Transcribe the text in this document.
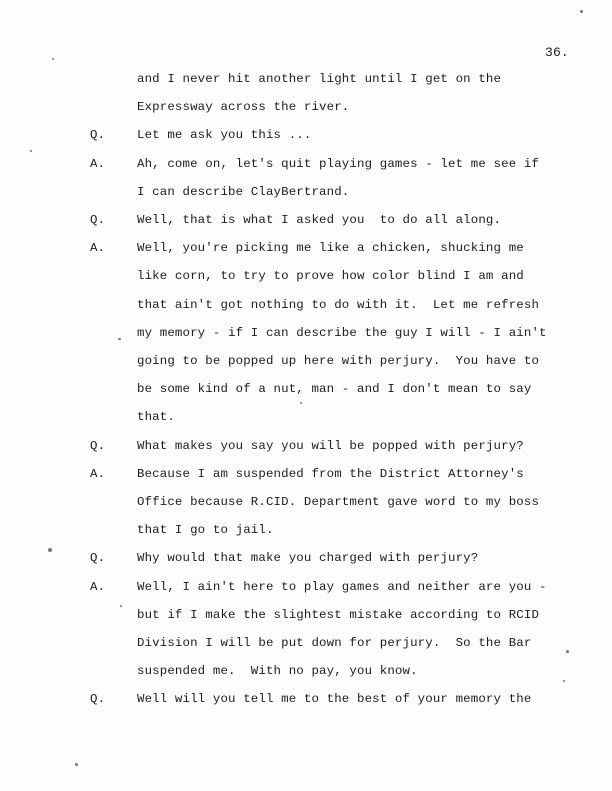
36.
and I never hit another light until I get on the
Expressway across the river.
Q.	Let me ask you this ...
A.	Ah, come on, let's quit playing games - let me see if
I can describe ClayBertrand.
Q.	Well, that is what I asked you  to do all along.
A.	Well, you're picking me like a chicken, shucking me
like corn, to try to prove how color blind I am and
that ain't got nothing to do with it.  Let me refresh
my memory - if I can describe the guy I will - I ain't
going to be popped up here with perjury.  You have to
be some kind of a nut, man - and I don't mean to say
that.
Q.	What makes you say you will be popped with perjury?
A.	Because I am suspended from the District Attorney's
Office because R.CID. Department gave word to my boss
that I go to jail.
Q.	Why would that make you charged with perjury?
A.	Well, I ain't here to play games and neither are you -
but if I make the slightest mistake according to RCID
Division I will be put down for perjury.  So the Bar
suspended me.  With no pay, you know.
Q.	Well will you tell me to the best of your memory the
